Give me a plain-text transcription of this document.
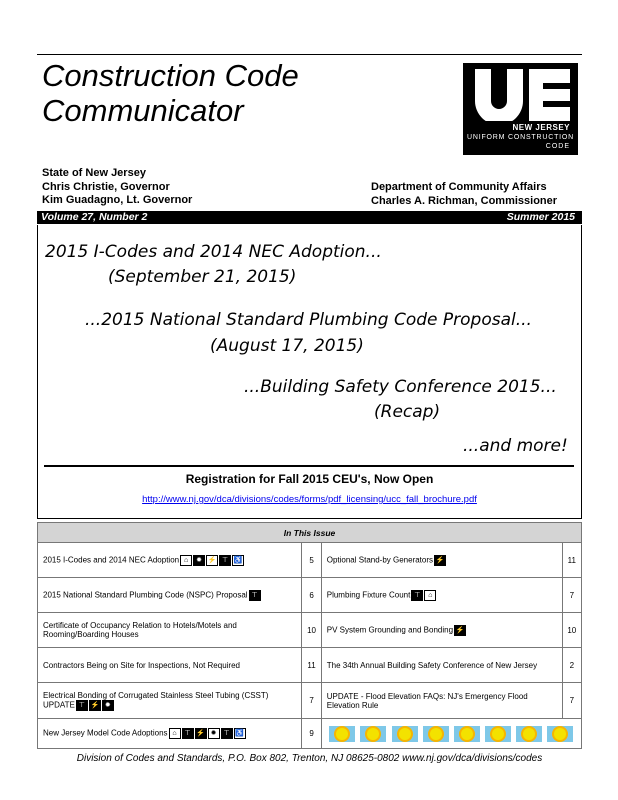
Construction Code
Communicator	NEW JERSEY
UNIFORM CONSTRUCTION
CODE
State of New Jersey
Chris Christie, Governor
Kim Guadagno, Lt. Governor
Department of Community Affairs
Charles A. Richman, Commissioner
Volume 27, Number 2	Summer 2015
2015 I-Codes and 2014 NEC Adoption...
(September 21, 2015)
...2015 National Standard Plumbing Code Proposal...
(August 17, 2015)
...Building Safety Conference 2015...
(Recap)
...and more!
Registration for Fall 2015 CEU's, Now Open
http://www.nj.gov/dca/divisions/codes/forms/pdf_licensing/ucc_fall_brochure.pdf
In This Issue			
2015 I-Codes and 2014 NEC Adoption ⌂ ✹ ⚡ ⊤ ♿	5	Optional Stand-by Generators ⚡	11
2015 National Standard Plumbing Code (NSPC) Proposal ⊤	6	Plumbing Fixture Count ⊤ ⌂	7
Certificate of Occupancy Relation to Hotels/Motels and Rooming/Boarding Houses	10	PV System Grounding and Bonding ⚡	10
Contractors Being on Site for Inspections, Not Required	11	The 34th Annual Building Safety Conference of New Jersey	2
Electrical Bonding of Corrugated Stainless Steel Tubing (CSST) UPDATE ⊤ ⚡ ✹	7	UPDATE - Flood Elevation FAQs: NJ's Emergency Flood Elevation Rule	7
New Jersey Model Code Adoptions ⌂ ⊤ ⚡ ✹ ⊤ ♿	9		
Division of Codes and Standards, P.O. Box 802, Trenton, NJ 08625-0802 www.nj.gov/dca/divisions/codes
